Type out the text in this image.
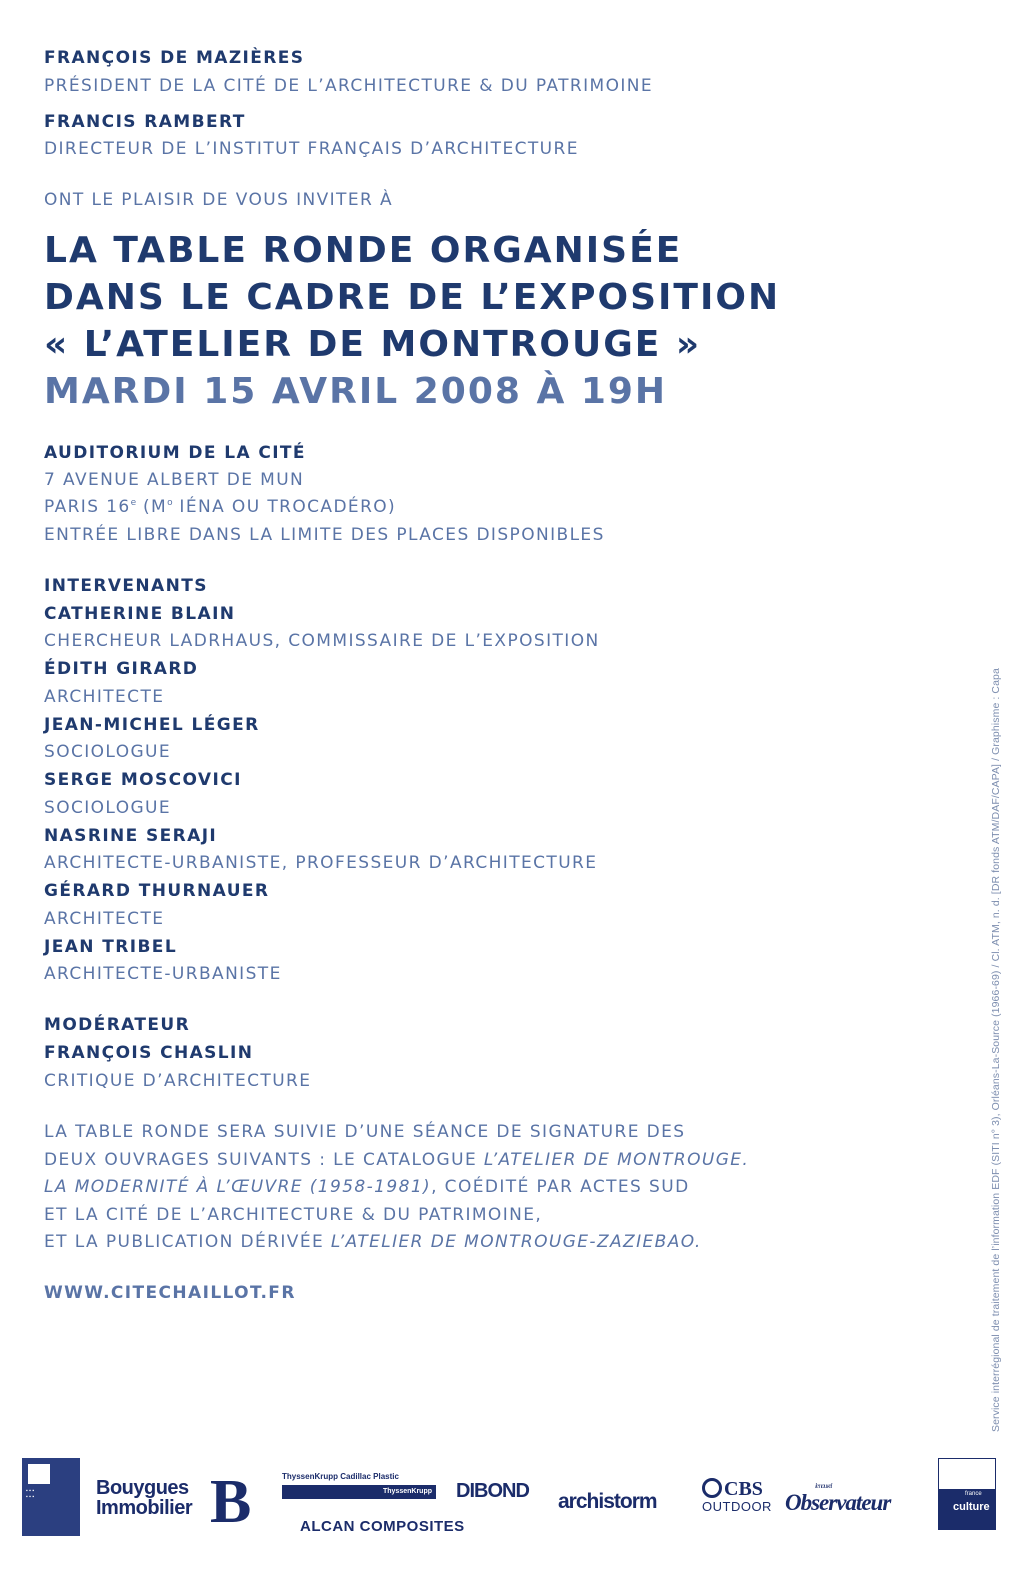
FRANÇOIS DE MAZIÈRES
PRÉSIDENT DE LA CITÉ DE L’ARCHITECTURE & DU PATRIMOINE
FRANCIS RAMBERT
DIRECTEUR DE L’INSTITUT FRANÇAIS D’ARCHITECTURE
ONT LE PLAISIR DE VOUS INVITER À
LA TABLE RONDE ORGANISÉE
DANS LE CADRE DE L’EXPOSITION
« L’ATELIER DE MONTROUGE »
MARDI 15 AVRIL 2008 À 19H
AUDITORIUM DE LA CITÉ
7 AVENUE ALBERT DE MUN
PARIS 16e ($M^o$ IÉNA OU TROCADÉRO)
ENTRÉE LIBRE DANS LA LIMITE DES PLACES DISPONIBLES
INTERVENANTS
CATHERINE BLAIN
CHERCHEUR LADRHAUS, COMMISSAIRE DE L’EXPOSITION
ÉDITH GIRARD
ARCHITECTE
JEAN-MICHEL LÉGER
SOCIOLOGUE
SERGE MOSCOVICI
SOCIOLOGUE
NASRINE SERAJI
ARCHITECTE-URBANISTE, PROFESSEUR D’ARCHITECTURE
GÉRARD THURNAUER
ARCHITECTE
JEAN TRIBEL
ARCHITECTE-URBANISTE
MODÉRATEUR
FRANÇOIS CHASLIN
CRITIQUE D’ARCHITECTURE
LA TABLE RONDE SERA SUIVIE D’UNE SÉANCE DE SIGNATURE DES
DEUX OUVRAGES SUIVANTS : LE CATALOGUE L’ATELIER DE MONTROUGE.
LA MODERNITÉ À L’ŒUVRE (1958-1981), COÉDITÉ PAR ACTES SUD
ET LA CITÉ DE L’ARCHITECTURE & DU PATRIMOINE,
ET LA PUBLICATION DÉRIVÉE L’ATELIER DE MONTROUGE-ZAZIEBAO.
WWW.CITECHAILLOT.FR	Service interrégional de traitement de l’information EDF (SITI n° 3), Orléans-La-Source (1966-69) / Cl. ATM, n. d. [DR fonds ATM/DAF/CAPA] / Graphisme : Capa
▪ ▪ ▪
▪ ▪ ▪	Bouygues
Immobilier B	ThyssenKrupp Cadillac Plastic
ThyssenKrupp
ALCAN COMPOSITES
DIBOND archistorm
CBS
OUTDOOR
le nouvel
Observateur	france
culture
